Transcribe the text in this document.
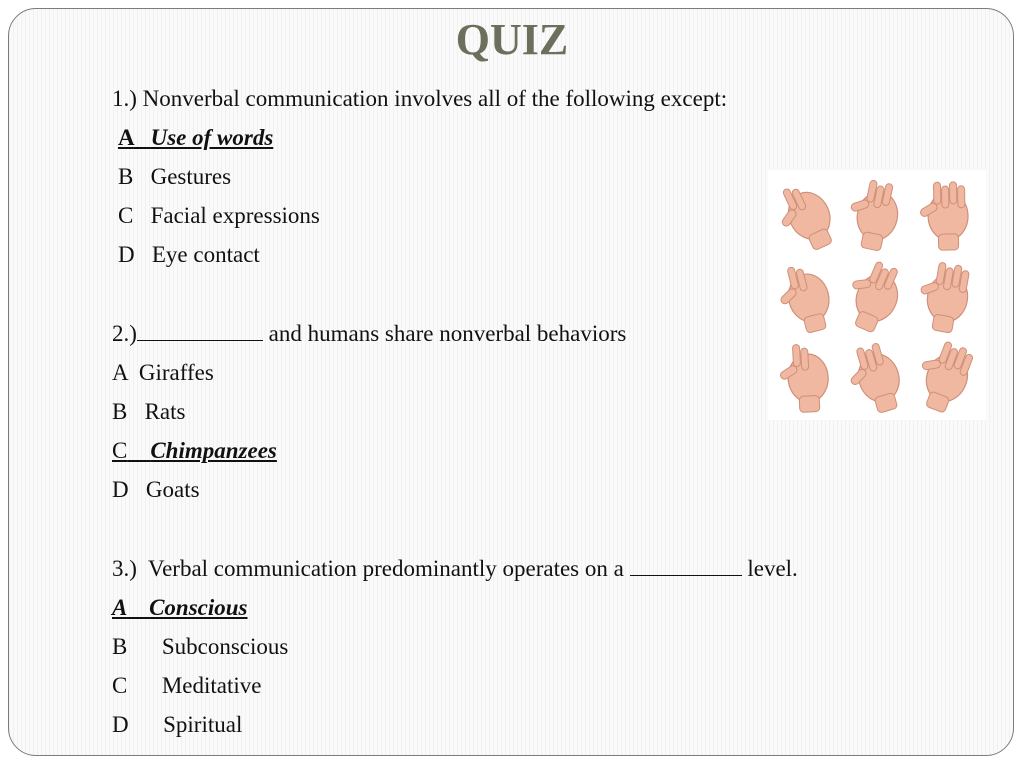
QUIZ
1.) Nonverbal communication involves all of the following except:
A Use of words
B Gestures
C Facial expressions
D Eye contact
2.)	and humans share nonverbal behaviors
A Giraffes
B Rats
C Chimpanzees
D Goats
3.) Verbal communication predominantly operates on a	level.
A Conscious
B Subconscious
C Meditative
D Spiritual
